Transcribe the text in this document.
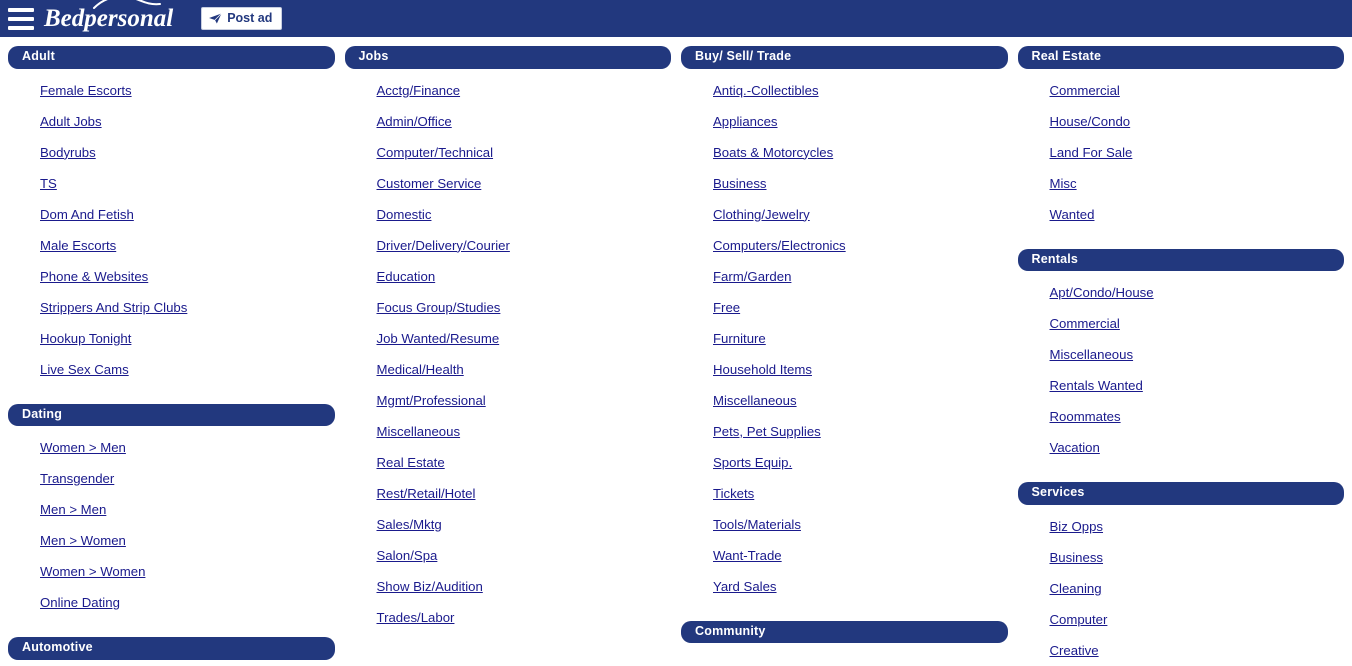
Bedpersonal	Post ad
Adult
Female Escorts
Adult Jobs
Bodyrubs
TS
Dom And Fetish
Male Escorts
Phone & Websites
Strippers And Strip Clubs
Hookup Tonight
Live Sex Cams
Dating
Women > Men
Transgender
Men > Men
Men > Women
Women > Women
Online Dating
Automotive
Jobs
Acctg/Finance
Admin/Office
Computer/Technical
Customer Service
Domestic
Driver/Delivery/Courier
Education
Focus Group/Studies
Job Wanted/Resume
Medical/Health
Mgmt/Professional
Miscellaneous
Real Estate
Rest/Retail/Hotel
Sales/Mktg
Salon/Spa
Show Biz/Audition
Trades/Labor
Buy/ Sell/ Trade
Antiq.-Collectibles
Appliances
Boats & Motorcycles
Business
Clothing/Jewelry
Computers/Electronics
Farm/Garden
Free
Furniture
Household Items
Miscellaneous
Pets, Pet Supplies
Sports Equip.
Tickets
Tools/Materials
Want-Trade
Yard Sales
Community
Real Estate
Commercial
House/Condo
Land For Sale
Misc
Wanted
Rentals
Apt/Condo/House
Commercial
Miscellaneous
Rentals Wanted
Roommates
Vacation
Services
Biz Opps
Business
Cleaning
Computer
Creative
